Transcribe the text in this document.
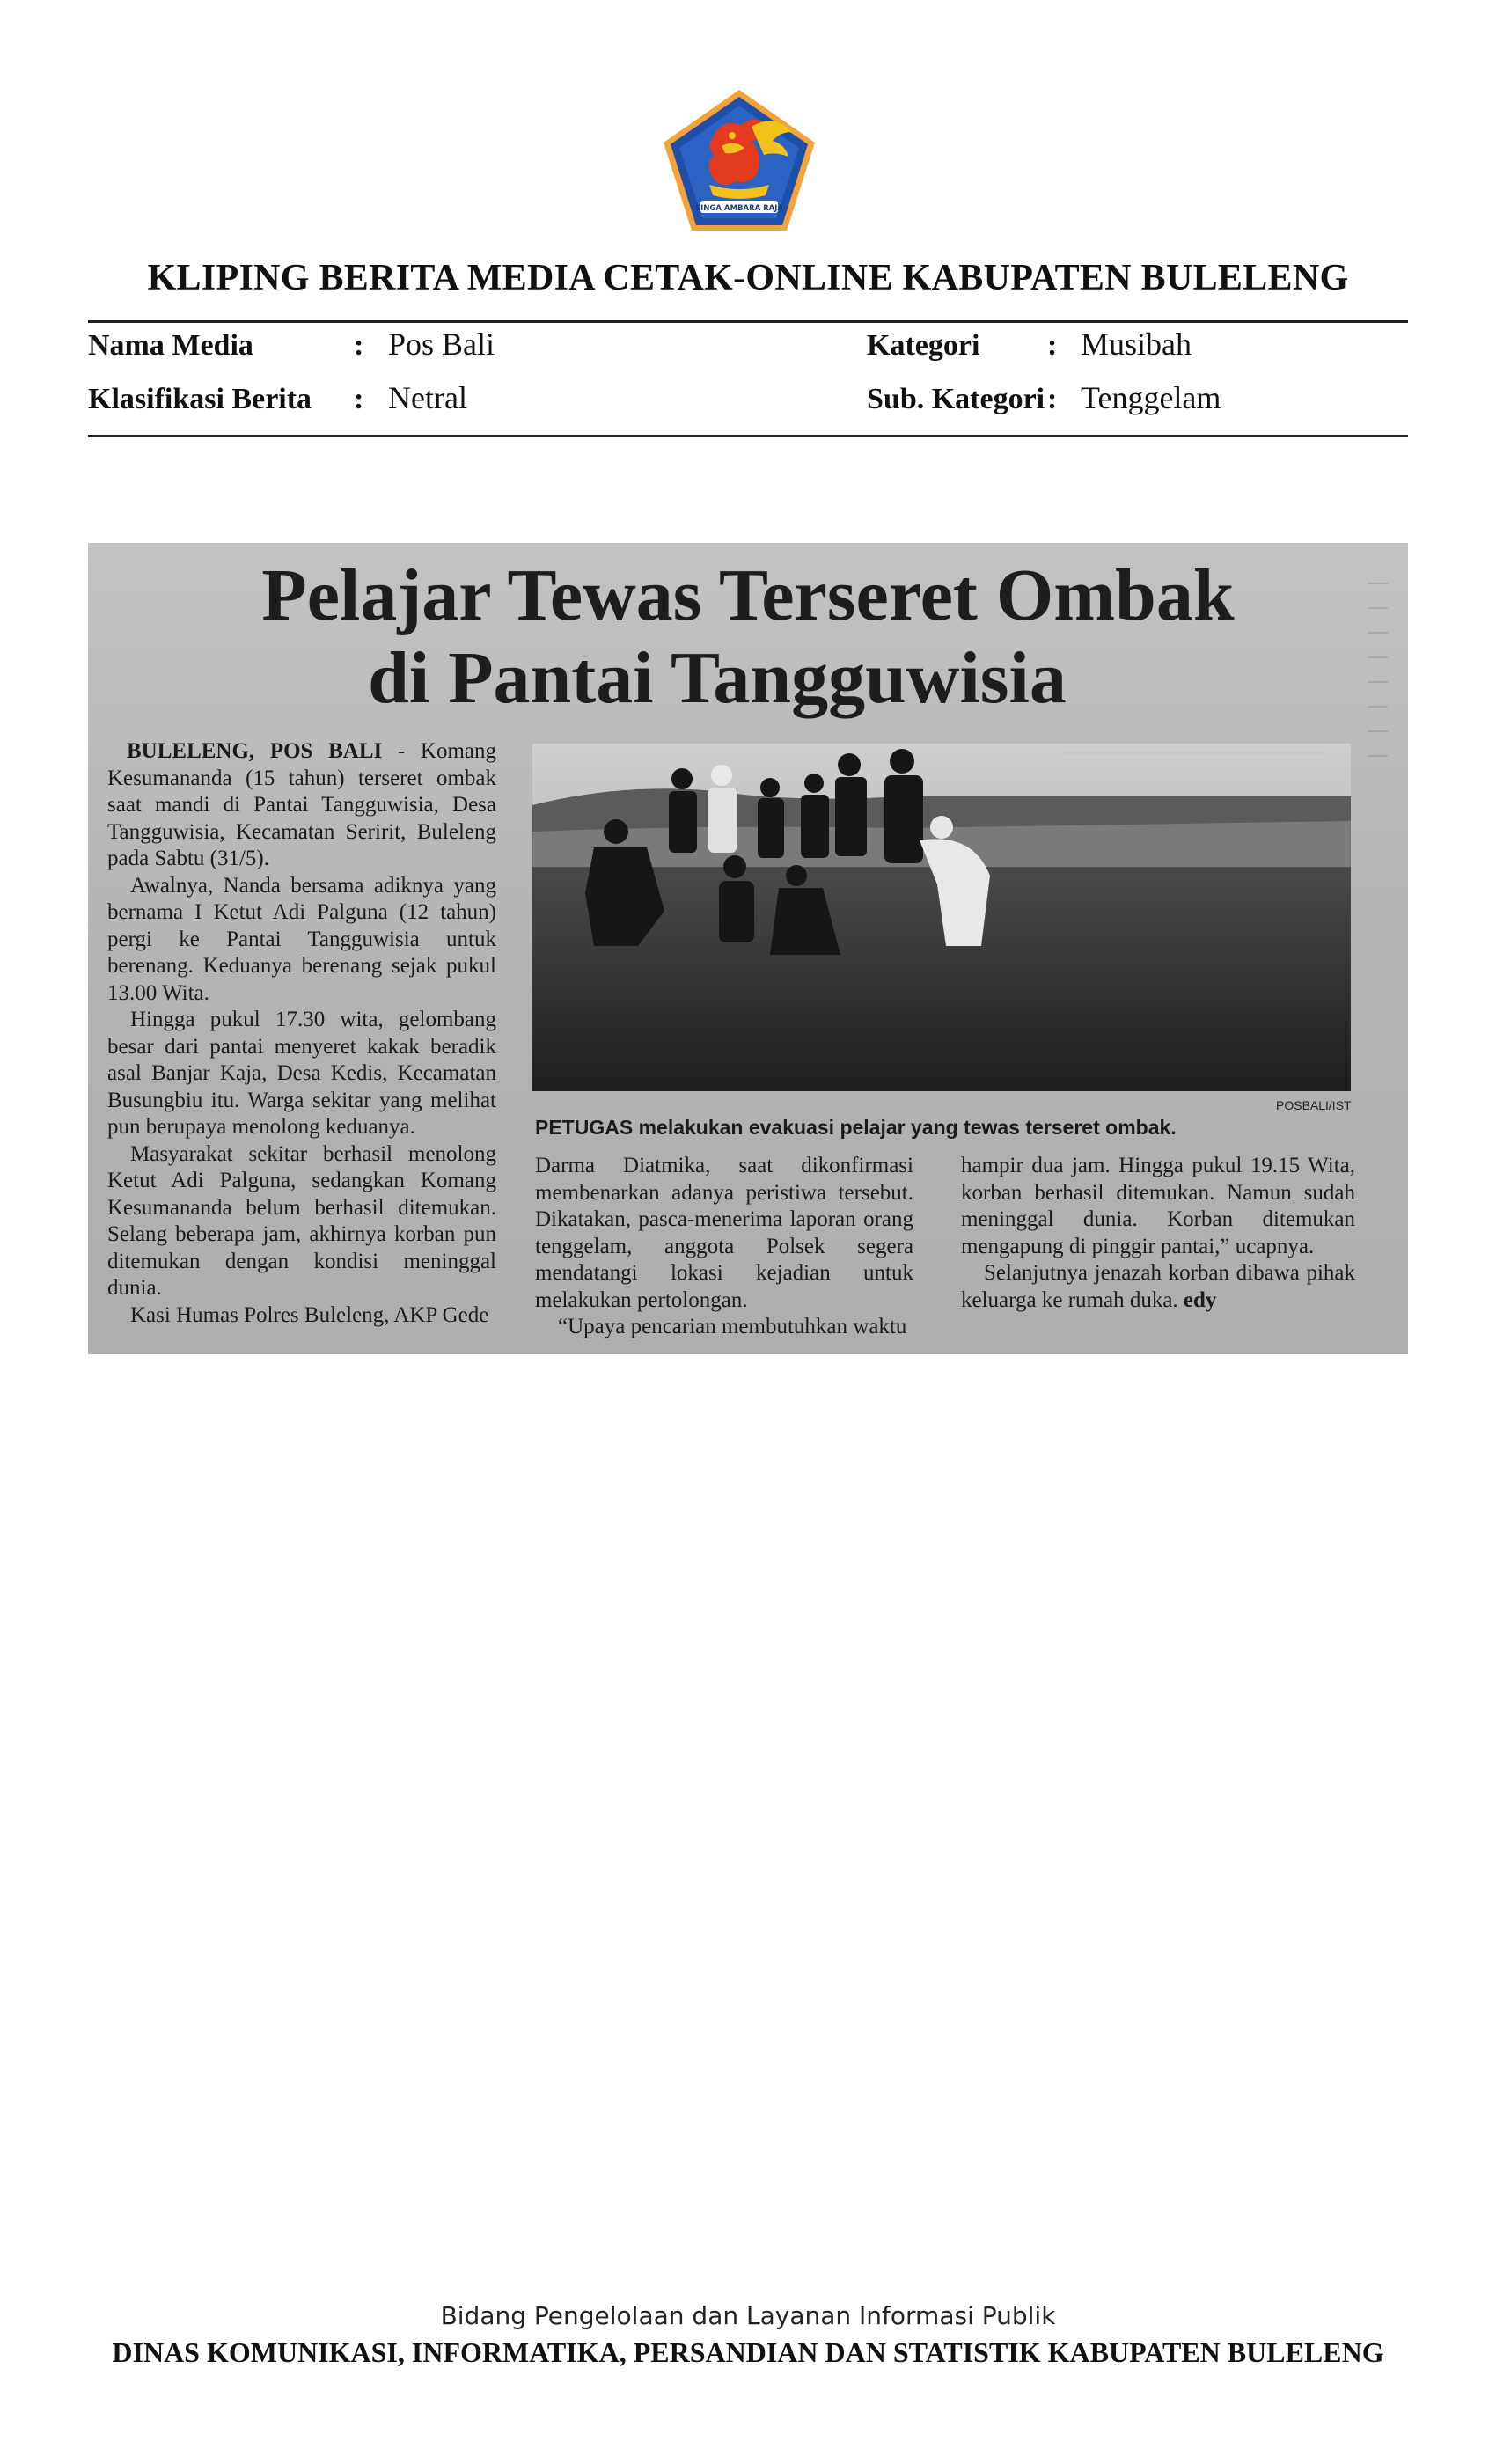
SINGA AMBARA RAJA
KLIPING BERITA MEDIA CETAK-ONLINE KABUPATEN BULELENG
Nama Media	: Pos Bali	Kategori : Musibah
Klasifikasi Berita : Netral	Sub. Kategori : Tenggelam
―
―
―
―
―
―
―
―
Pelajar Tewas Terseret Ombak
di Pantai Tangguwisia

BULELENG, POS BALI - Komang Kesumananda (15 tahun) terseret ombak saat mandi di Pantai Tangguwisia, Desa Tangguwisia, Kecamatan Seririt, Buleleng pada Sabtu (31/5).

Awalnya, Nanda bersama adiknya yang bernama I Ketut Adi Palguna (12 tahun) pergi ke Pantai Tangguwisia untuk berenang. Keduanya berenang sejak pukul 13.00 Wita.

Hingga pukul 17.30 wita, gelombang besar dari pantai menyeret kakak beradik asal Banjar Kaja, Desa Kedis, Kecamatan Busungbiu itu. Warga sekitar yang melihat pun berupaya menolong keduanya.

Masyarakat sekitar berhasil menolong Ketut Adi Palguna, sedangkan Komang Kesumananda belum berhasil ditemukan. Selang beberapa jam, akhirnya korban pun ditemukan dengan kondisi meninggal dunia.

Kasi Humas Polres Buleleng, AKP Gede

POSBALI/IST
PETUGAS melakukan evakuasi pelajar yang tewas terseret ombak.

Darma Diatmika, saat dikonfirmasi membenarkan adanya peristiwa tersebut. Dikatakan, pasca-menerima laporan orang tenggelam, anggota Polsek segera mendatangi lokasi kejadian untuk melakukan pertolongan.

“Upaya pencarian membutuhkan waktu

hampir dua jam. Hingga pukul 19.15 Wita, korban berhasil ditemukan. Namun sudah meninggal dunia. Korban ditemukan mengapung di pinggir pantai,” ucapnya.

Selanjutnya jenazah korban dibawa pihak keluarga ke rumah duka. edy

Bidang Pengelolaan dan Layanan Informasi Publik
DINAS KOMUNIKASI, INFORMATIKA, PERSANDIAN DAN STATISTIK KABUPATEN BULELENG
